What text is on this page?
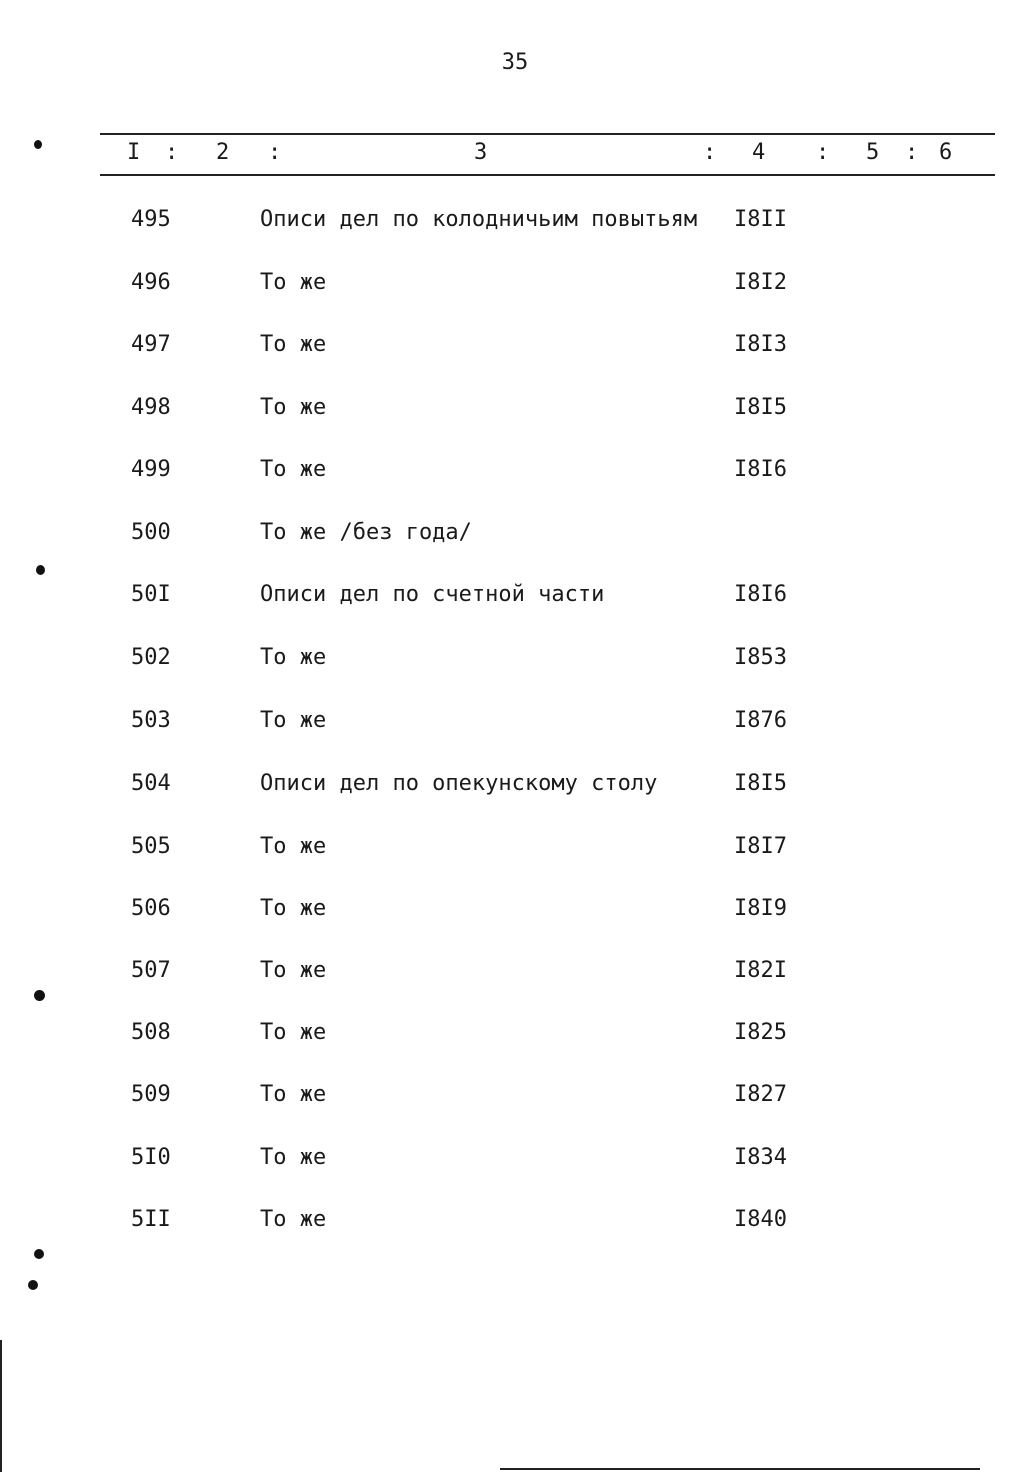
35
I : 2 :	3	: 4 : 5 : 6
495	Описи дел по колодничьим повытьям I8II
496	То же	I8I2
497	То же	I8I3
498	То же	I8I5
499	То же	I8I6
500	То же /без года/
50I	Описи дел по счетной части	I8I6
502	То же	I853
503	То же	I876
504	Описи дел по опекунскому столу	I8I5
505	То же	I8I7
506	То же	I8I9
507	То же	I82I
508	То же	I825
509	То же	I827
5I0	То же	I834
5II	То же	I840
